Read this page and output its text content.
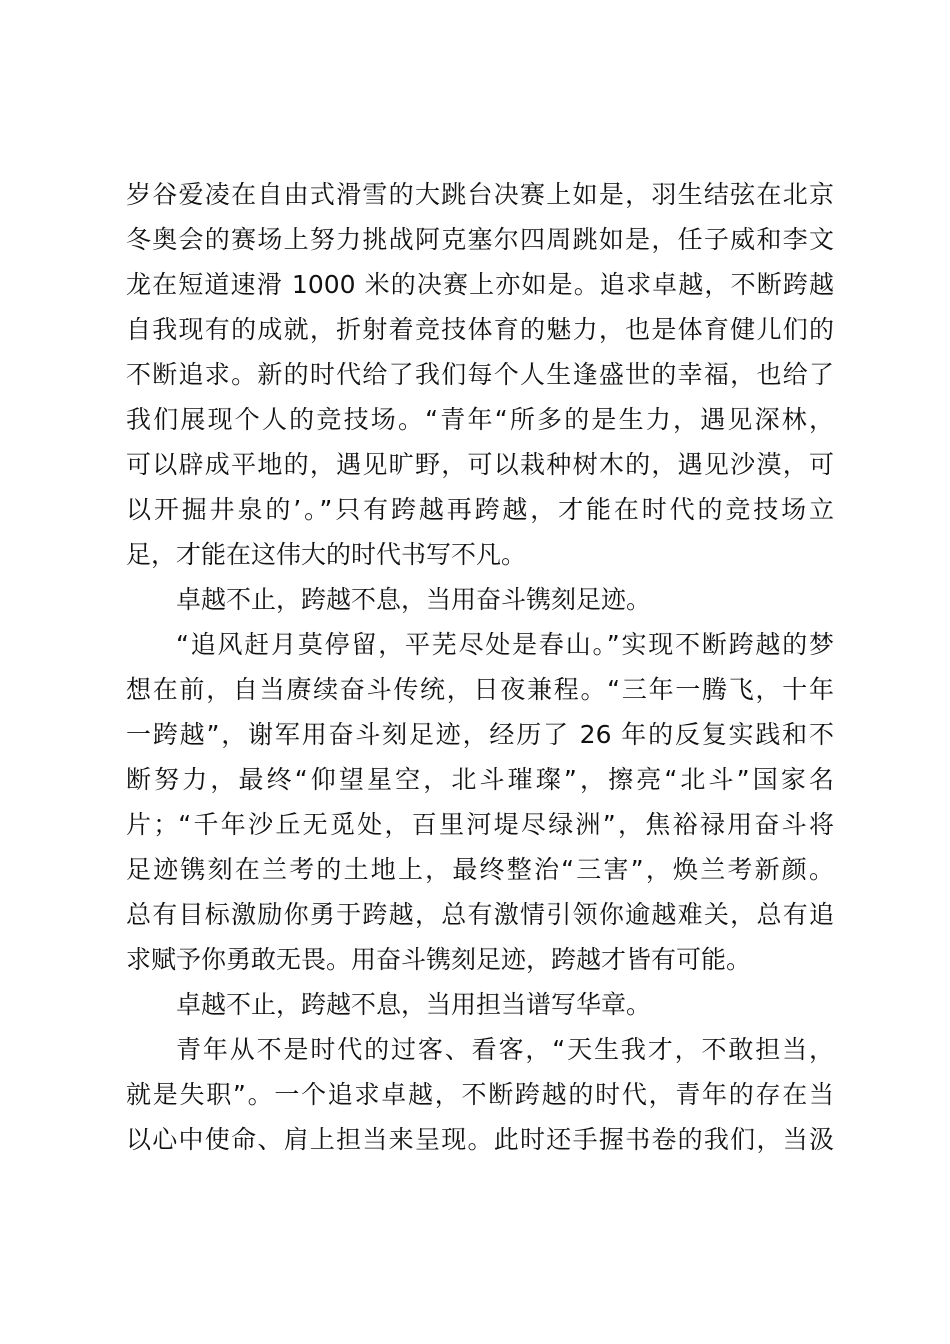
岁谷爱凌在自由式滑雪的大跳台决赛上如是，羽生结弦在北京
冬奥会的赛场上努力挑战阿克塞尔四周跳如是，任子威和李文
龙在短道速滑 1000 米的决赛上亦如是。追求卓越，不断跨越
自我现有的成就，折射着竞技体育的魅力，也是体育健儿们的
不断追求。新的时代给了我们每个人生逢盛世的幸福，也给了
我们展现个人的竞技场。“青年“所多的是生力，遇见深林，
可以辟成平地的，遇见旷野，可以栽种树木的，遇见沙漠，可
以开掘井泉的’。”只有跨越再跨越，才能在时代的竞技场立
足，才能在这伟大的时代书写不凡。
卓越不止，跨越不息，当用奋斗镌刻足迹。
“追风赶月莫停留，平芜尽处是春山。”实现不断跨越的梦
想在前，自当赓续奋斗传统，日夜兼程。“三年一腾飞，十年
一跨越”，谢军用奋斗刻足迹，经历了 26 年的反复实践和不
断努力，最终“仰望星空，北斗璀璨”，擦亮“北斗”国家名
片；“千年沙丘无觅处，百里河堤尽绿洲”，焦裕禄用奋斗将
足迹镌刻在兰考的土地上，最终整治“三害”，焕兰考新颜。
总有目标激励你勇于跨越，总有激情引领你逾越难关，总有追
求赋予你勇敢无畏。用奋斗镌刻足迹，跨越才皆有可能。
卓越不止，跨越不息，当用担当谱写华章。
青年从不是时代的过客、看客，“天生我才，不敢担当，
就是失职”。一个追求卓越，不断跨越的时代，青年的存在当
以心中使命、肩上担当来呈现。此时还手握书卷的我们，当汲
